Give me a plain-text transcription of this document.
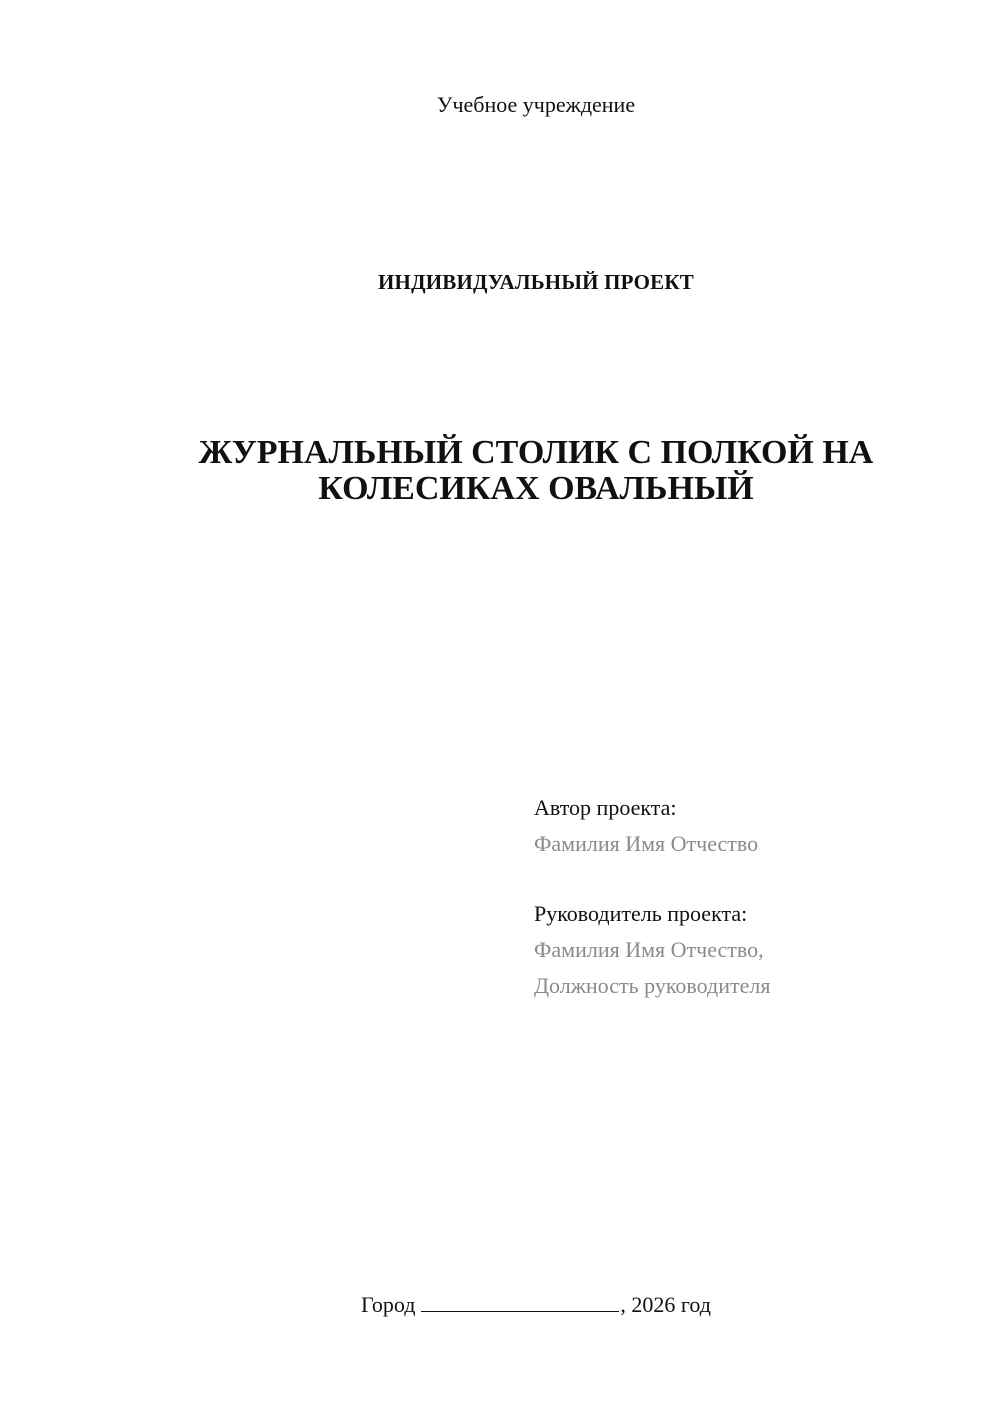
Учебное учреждение
ИНДИВИДУАЛЬНЫЙ ПРОЕКТ
ЖУРНАЛЬНЫЙ СТОЛИК С ПОЛКОЙ НА
КОЛЕСИКАХ ОВАЛЬНЫЙ
Автор проекта:
Фамилия Имя Отчество
Руководитель проекта:
Фамилия Имя Отчество,
Должность руководителя
Город	, 2026 год
